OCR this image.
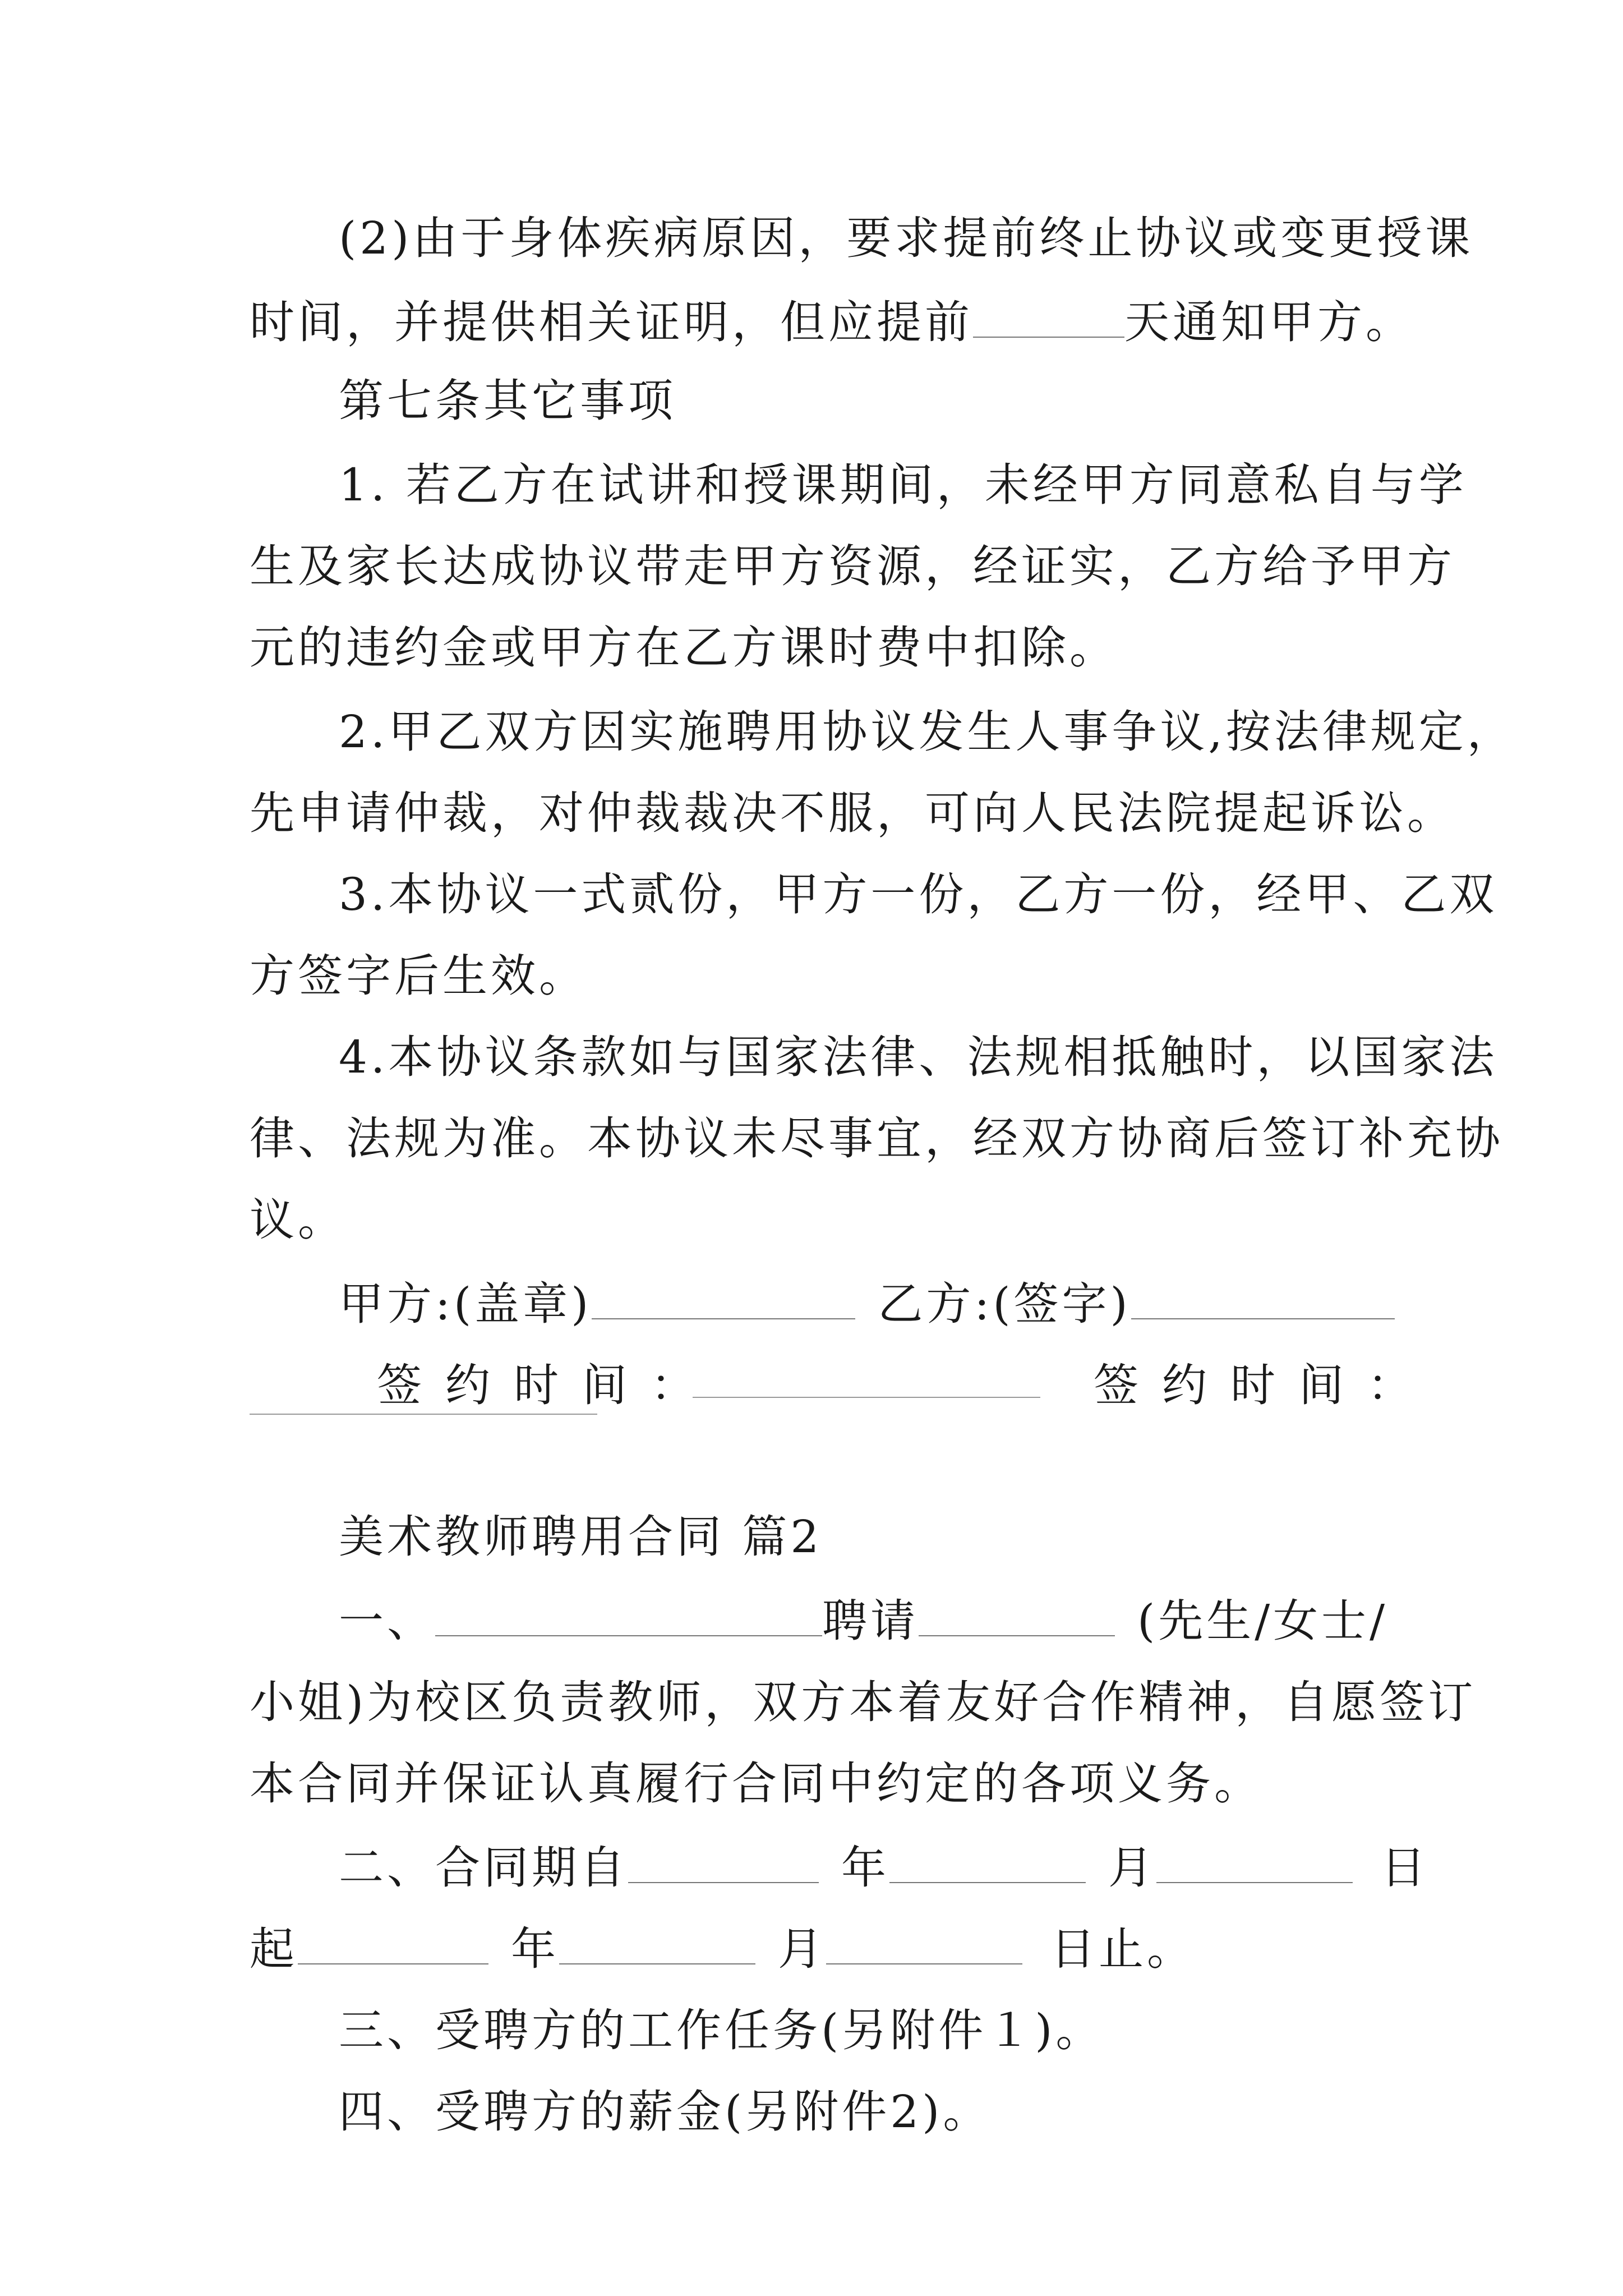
(2)由于身体疾病原因，要求提前终止协议或变更授课
时间，并提供相关证明，但应提前	天通知甲方。
第七条其它事项
1. 若乙方在试讲和授课期间，未经甲方同意私自与学
生及家长达成协议带走甲方资源，经证实，乙方给予甲方
元的违约金或甲方在乙方课时费中扣除。
2.甲乙双方因实施聘用协议发生人事争议,按法律规定，
先申请仲裁，对仲裁裁决不服，可向人民法院提起诉讼。
3.本协议一式贰份，甲方一份，乙方一份，经甲、乙双
方签字后生效。
4.本协议条款如与国家法律、法规相抵触时，以国家法
律、法规为准。本协议未尽事宜，经双方协商后签订补充协
议。
甲方:(盖章)	乙方:(签字)
签约时间：	签约时间：
美术教师聘用合同 篇2
一、	聘请	(先生/女士/
小姐)为校区负责教师，双方本着友好合作精神，自愿签订
本合同并保证认真履行合同中约定的各项义务。
二、合同期自	年	月	日
起	年	月	日止。
三、受聘方的工作任务(另附件１)。
四、受聘方的薪金(另附件2)。
